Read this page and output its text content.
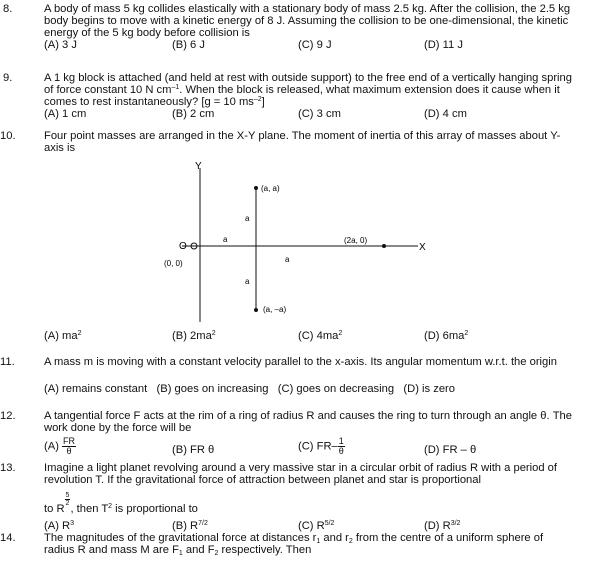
8.	A body of mass 5 kg collides elastically with a stationary body of mass 2.5 kg. After the collision, the 2.5 kg body begins to move with a kinetic energy of 8 J. Assuming the collision to be one-dimensional, the kinetic energy of the 5 kg body before collision is
(A) 3 J	(B) 6 J	(C) 9 J	(D) 11 J
9.	A 1 kg block is attached (and held at rest with outside support) to the free end of a vertically hanging spring of force constant 10 N $cm^{-1}$. When the block is released, what maximum extension does it cause when it comes to rest instantaneously? [g = 10 $ms^{-2}$]
(A) 1 cm	(B) 2 cm	(C) 3 cm	(D) 4 cm
10.	Four point masses are arranged in the X-Y plane. The moment of inertia of this array of masses about Y-axis is
Y
X
O
(0, 0)
(a, a)
(2a, 0)
(a, –a)
a
a
a
a
(A) $ma^2$	(B) $2ma^2$	(C) $4ma^2$	(D) $6ma^2$
11.	A mass m is moving with a constant velocity parallel to the x-axis. Its angular momentum w.r.t. the origin
(A) remains constant   (B) goes on increasing   (C) goes on decreasing   (D) is zero
12.	A tangential force F acts at the rim of a ring of radius R and causes the ring to turn through an angle θ. The work done by the force will be
$(A) \frac{FR}{\theta}$	(B) FR θ	(C) $FR- \frac{1}{\theta}$	(D) FR – θ
13.	Imagine a light planet revolving around a very massive star in a circular orbit of radius R with a period of revolution T. If the gravitational force of attraction between planet and star is proportional
to R
$\frac{5}{2}$
, then $T^2$ is proportional to
(A) $R^3$	(B) $R^{7/2}$	(C) $R^{5/2}$	(D) $R^{3/2}$
14.	The magnitudes of the gravitational force at distances $r_1$ and $r_2$ from the centre of a uniform sphere of radius R and mass M are $F_1$ and $F_2$ respectively. Then
